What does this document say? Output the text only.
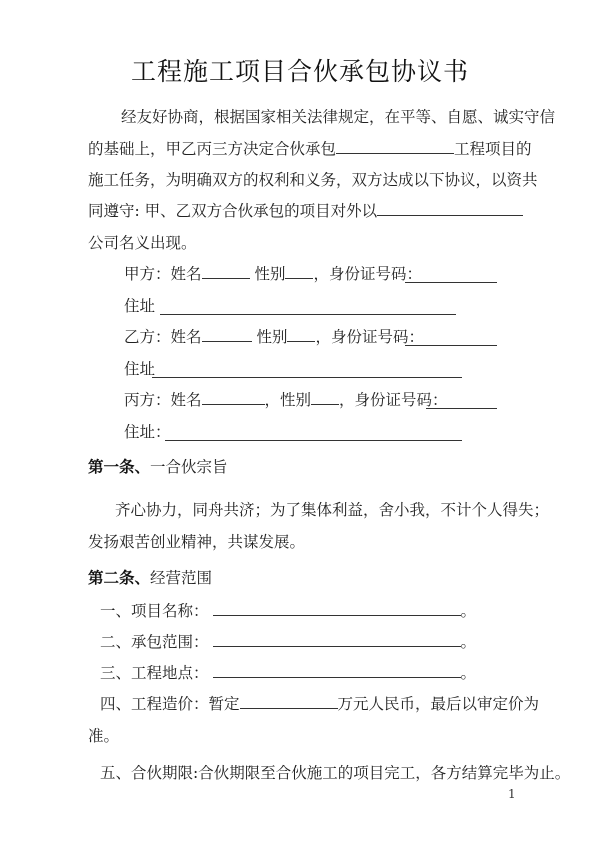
工程施工项目合伙承包协议书
经友好协商，根据国家相关法律规定，在平等、自愿、诚实守信
的基础上，甲乙丙三方决定合伙承包	工程项目的
施工任务，为明确双方的权利和义务，双方达成以下协议，以资共
同遵守: 甲、乙双方合伙承包的项目对外以
公司名义出现。
甲方：姓名	性别 ，身份证号码：
住址
乙方：姓名	性别 ，身份证号码：
住址
丙方：姓名	，性别 ，身份证号码：
住址：
第一条、一合伙宗旨
齐心协力，同舟共济；为了集体利益，舍小我，不计个人得失；
发扬艰苦创业精神，共谋发展。
第二条、经营范围
一、项目名称：	。
二、承包范围：	。
三、工程地点：	。
四、工程造价：暂定	万元人民币，最后以审定价为
准。
五、合伙期限:合伙期限至合伙施工的项目完工，各方结算完毕为止。
1
